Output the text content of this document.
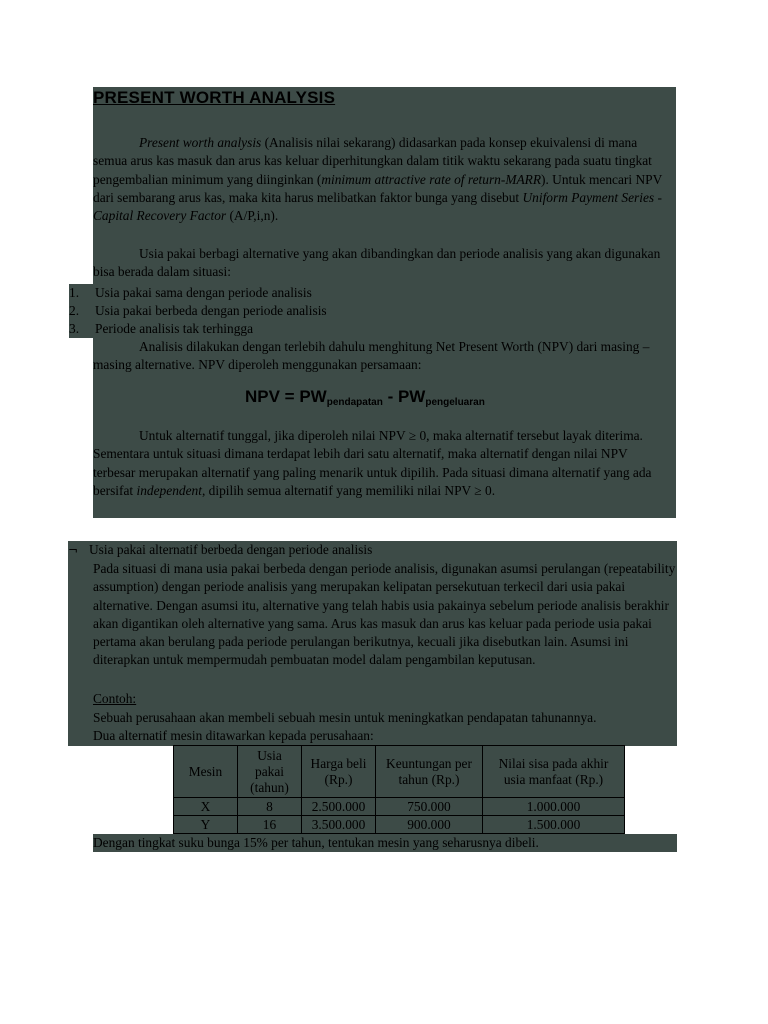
PRESENT WORTH ANALYSIS

Present worth analysis (Analisis nilai sekarang) didasarkan pada konsep ekuivalensi di mana semua arus kas masuk dan arus kas keluar diperhitungkan dalam titik waktu sekarang pada suatu tingkat pengembalian minimum yang diinginkan (minimum attractive rate of return-MARR). Untuk mencari NPV dari sembarang arus kas, maka kita harus melibatkan faktor bunga yang disebut Uniform Payment Series - Capital Recovery Factor (A/P,i,n).

Usia pakai berbagi alternative yang akan dibandingkan dan periode analisis yang akan digunakan bisa berada dalam situasi:

1. Usia pakai sama dengan periode analisis
2. Usia pakai berbeda dengan periode analisis
3. Periode analisis tak terhingga

Analisis dilakukan dengan terlebih dahulu menghitung Net Present Worth (NPV) dari masing – masing alternative. NPV diperoleh menggunakan persamaan:

NPV = $PW_{pendapatan} - PW_{pengeluaran}$

Untuk alternatif tunggal, jika diperoleh nilai NPV ≥ 0, maka alternatif tersebut layak diterima. Sementara untuk situasi dimana terdapat lebih dari satu alternatif, maka alternatif dengan nilai NPV terbesar merupakan alternatif yang paling menarik untuk dipilih. Pada situasi dimana alternatif yang ada bersifat independent, dipilih semua alternatif yang memiliki nilai NPV ≥ 0.

¬ Usia pakai alternatif berbeda dengan periode analisis

Pada situasi di mana usia pakai berbeda dengan periode analisis, digunakan asumsi perulangan (repeatability assumption) dengan periode analisis yang merupakan kelipatan persekutuan terkecil dari usia pakai alternative. Dengan asumsi itu, alternative yang telah habis usia pakainya sebelum periode analisis berakhir akan digantikan oleh alternative yang sama. Arus kas masuk dan arus kas keluar pada periode usia pakai pertama akan berulang pada periode perulangan berikutnya, kecuali jika disebutkan lain. Asumsi ini diterapkan untuk mempermudah pembuatan model dalam pengambilan keputusan.

Contoh:
Sebuah perusahaan akan membeli sebuah mesin untuk meningkatkan pendapatan tahunannya.
Dua alternatif mesin ditawarkan kepada perusahaan:
Mesin	Usia pakai (tahun)	Harga beli (Rp.)	Keuntungan per tahun (Rp.)	Nilai sisa pada akhir usia manfaat (Rp.)
X	8	2.500.000	750.000	1.000.000
Y	16	3.500.000	900.000	1.500.000
Dengan tingkat suku bunga 15% per tahun, tentukan mesin yang seharusnya dibeli.
